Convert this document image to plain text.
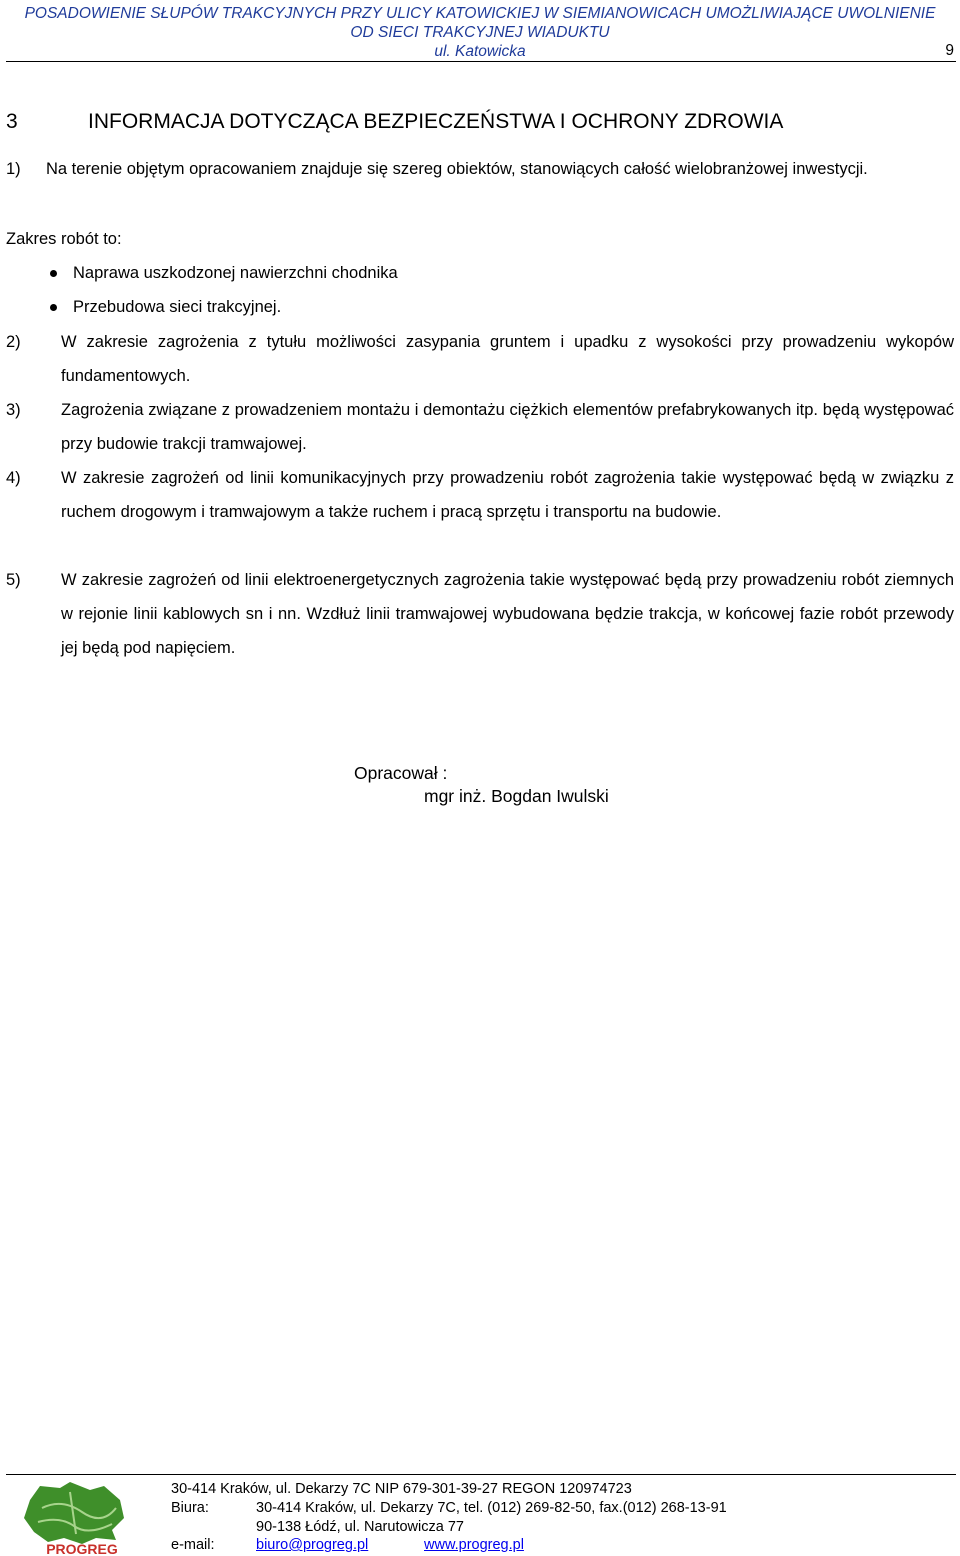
POSADOWIENIE SŁUPÓW TRAKCYJNYCH PRZY ULICY KATOWICKIEJ W SIEMIANOWICACH UMOŻLIWIAJĄCE UWOLNIENIE
OD SIECI TRAKCYJNEJ WIADUKTU
ul. Katowicka	9
3	INFORMACJA DOTYCZĄCA BEZPIECZEŃSTWA I OCHRONY ZDROWIA
1) Na terenie objętym opracowaniem znajduje się szereg obiektów, stanowiących całość wielobranżowej inwestycji.
Zakres robót to:
Naprawa uszkodzonej nawierzchni chodnika
Przebudowa sieci trakcyjnej.
2) W zakresie zagrożenia z tytułu możliwości zasypania gruntem i upadku z wysokości przy prowadzeniu wykopów fundamentowych.
3) Zagrożenia związane z prowadzeniem montażu i demontażu ciężkich elementów prefabrykowanych itp. będą występować przy budowie trakcji tramwajowej.
4) W zakresie zagrożeń od linii komunikacyjnych przy prowadzeniu robót zagrożenia takie występować będą w związku z ruchem drogowym i tramwajowym a także ruchem i pracą sprzętu i transportu na budowie.
5) W zakresie zagrożeń od linii elektroenergetycznych zagrożenia takie występować będą przy prowadzeniu robót ziemnych w rejonie linii kablowych sn i nn. Wzdłuż linii tramwajowej wybudowana będzie trakcja, w końcowej fazie robót przewody jej będą pod napięciem.
Opracował :
mgr inż. Bogdan Iwulski
PROGREG
30-414 Kraków, ul. Dekarzy 7C NIP 679-301-39-27 REGON 120974723
Biura:	30-414 Kraków, ul. Dekarzy 7C, tel. (012) 269-82-50, fax.(012) 268-13-91
90-138 Łódź, ul. Narutowicza 77
e-mail:	biuro@progreg.pl	www.progreg.pl
